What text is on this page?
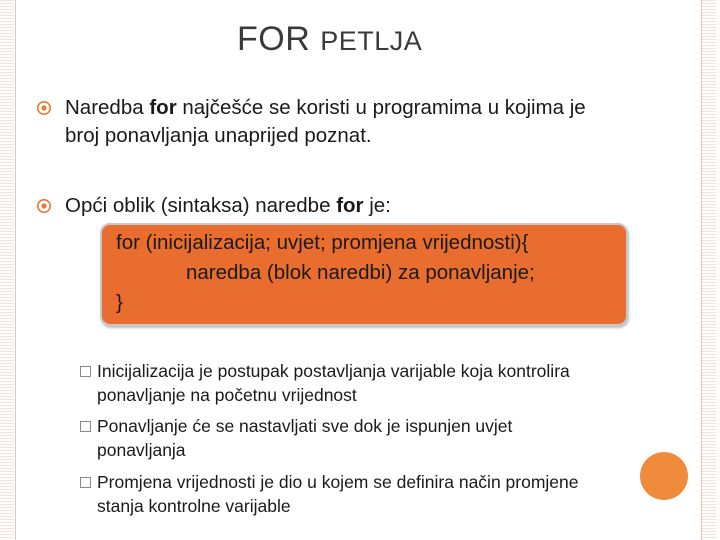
FOR PETLJA
Naredba for najčešće se koristi u programima u kojima je
broj ponavljanja unaprijed poznat.
Opći oblik (sintaksa) naredbe for je:
for (inicijalizacija; uvjet; promjena vrijednosti){
naredba (blok naredbi) za ponavljanje;
}
Inicijalizacija je postupak postavljanja varijable koja kontrolira
ponavljanje na početnu vrijednost
Ponavljanje će se nastavljati sve dok je ispunjen uvjet
ponavljanja
Promjena vrijednosti je dio u kojem se definira način promjene
stanja kontrolne varijable
